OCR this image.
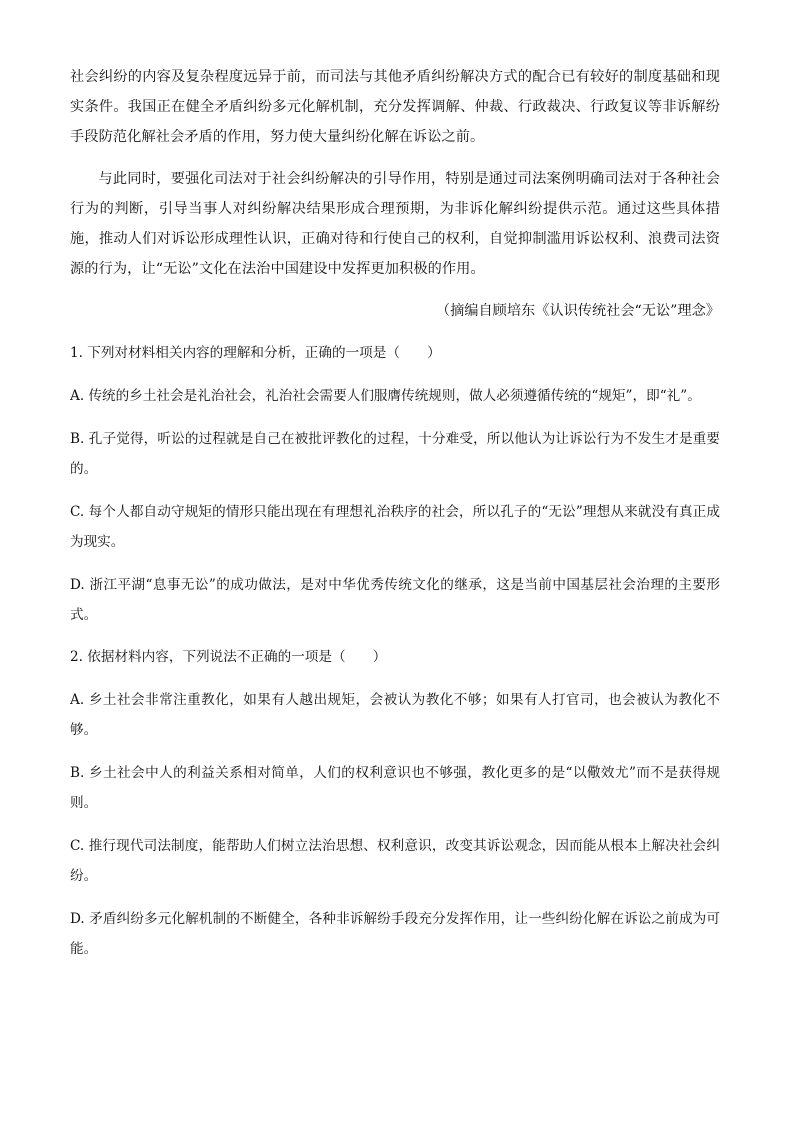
社会纠纷的内容及复杂程度远异于前，而司法与其他矛盾纠纷解决方式的配合已有较好的制度基础和现实条件。我国正在健全矛盾纠纷多元化解机制，充分发挥调解、仲裁、行政裁决、行政复议等非诉解纷手段防范化解社会矛盾的作用，努力使大量纠纷化解在诉讼之前。

与此同时，要强化司法对于社会纠纷解决的引导作用，特别是通过司法案例明确司法对于各种社会行为的判断，引导当事人对纠纷解决结果形成合理预期，为非诉化解纠纷提供示范。通过这些具体措施，推动人们对诉讼形成理性认识，正确对待和行使自己的权利，自觉抑制滥用诉讼权利、浪费司法资源的行为，让“无讼”文化在法治中国建设中发挥更加积极的作用。

（摘编自顾培东《认识传统社会“无讼”理念》

1. 下列对材料相关内容的理解和分析，正确的一项是（　　）

A. 传统的乡土社会是礼治社会，礼治社会需要人们服膺传统规则，做人必须遵循传统的“规矩”，即“礼”。

B. 孔子觉得，听讼的过程就是自己在被批评教化的过程，十分难受，所以他认为让诉讼行为不发生才是重要的。

C. 每个人都自动守规矩的情形只能出现在有理想礼治秩序的社会，所以孔子的“无讼”理想从来就没有真正成为现实。

D. 浙江平湖“息事无讼”的成功做法，是对中华优秀传统文化的继承，这是当前中国基层社会治理的主要形式。

2. 依据材料内容，下列说法不正确的一项是（　　）

A. 乡土社会非常注重教化，如果有人越出规矩，会被认为教化不够；如果有人打官司，也会被认为教化不够。

B. 乡土社会中人的利益关系相对简单，人们的权利意识也不够强，教化更多的是“以儆效尤”而不是获得规则。

C. 推行现代司法制度，能帮助人们树立法治思想、权利意识，改变其诉讼观念，因而能从根本上解决社会纠纷。

D. 矛盾纠纷多元化解机制的不断健全，各种非诉解纷手段充分发挥作用，让一些纠纷化解在诉讼之前成为可能。
